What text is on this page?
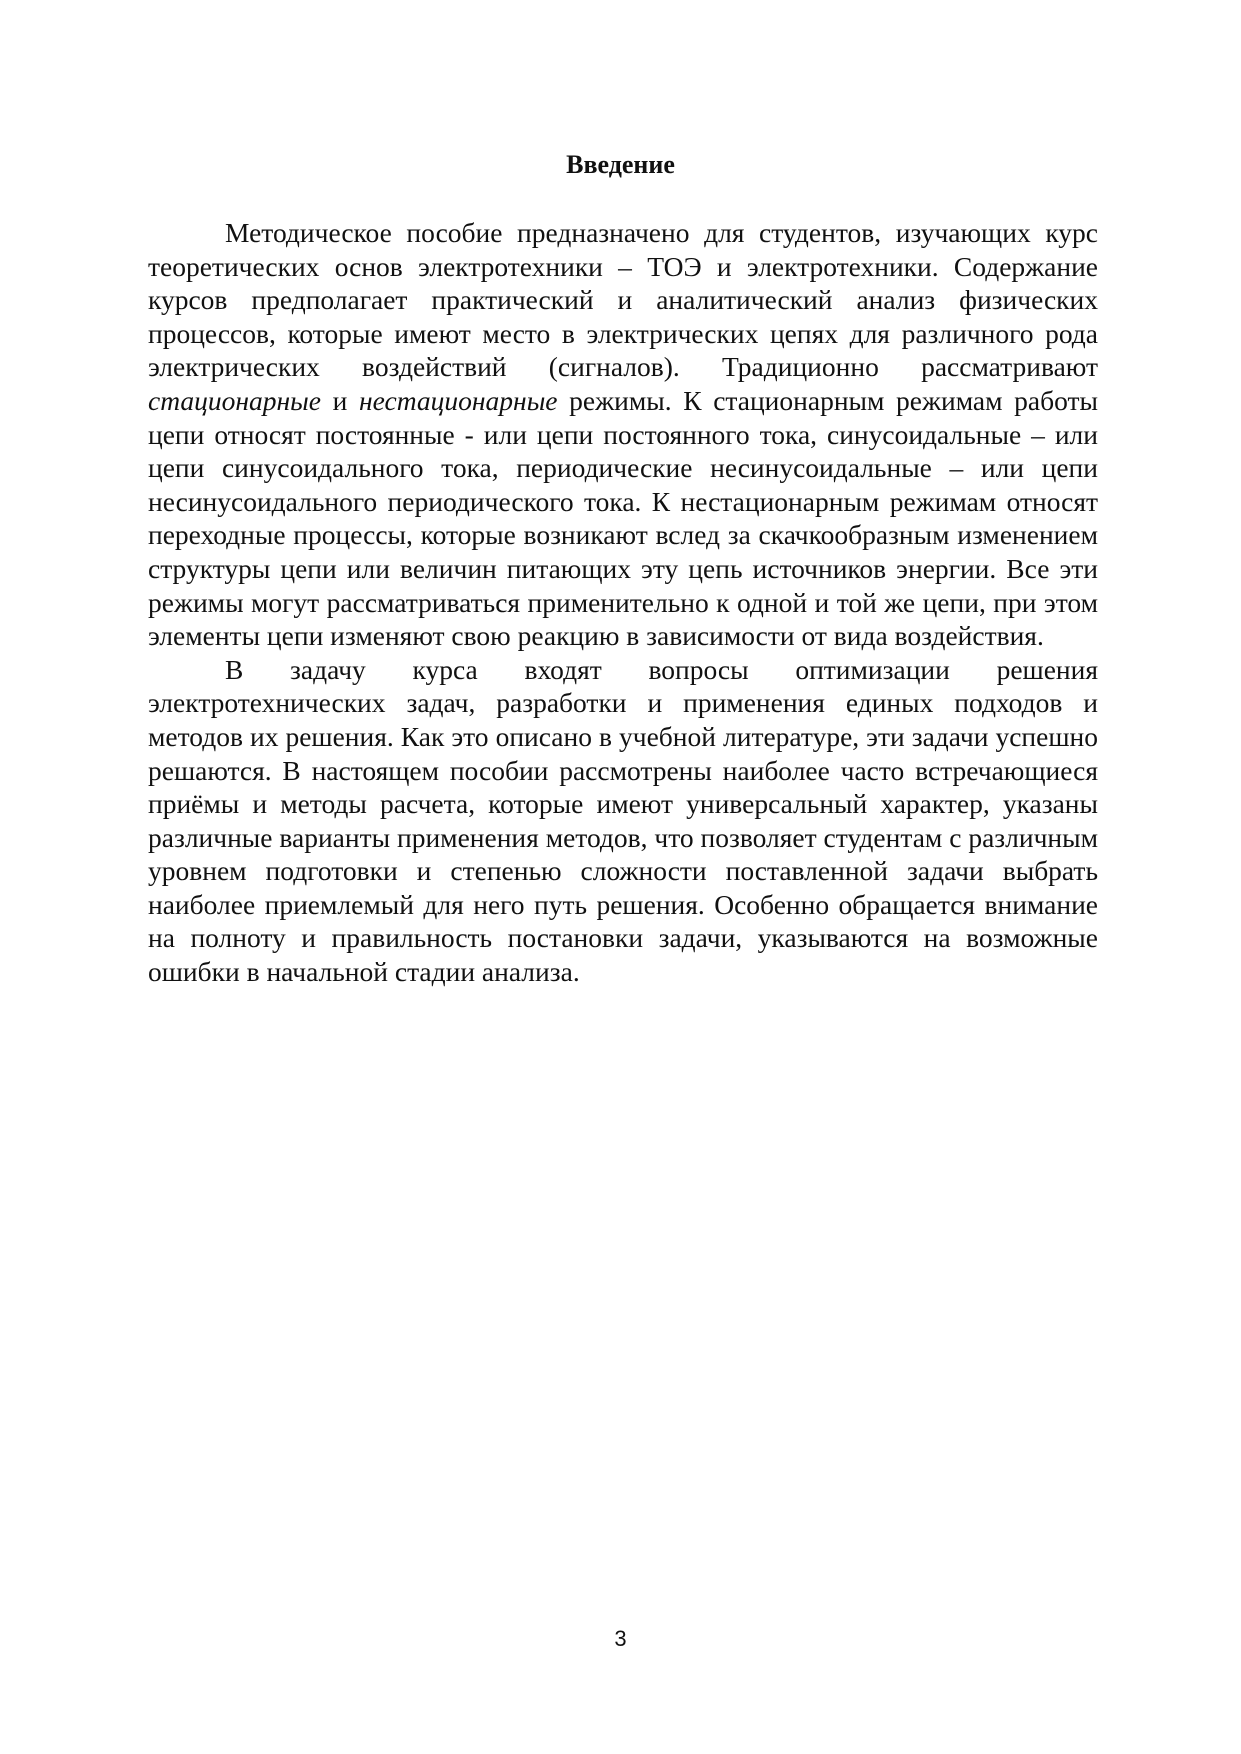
Введение

Методическое пособие предназначено для студентов, изучающих курс теоретических основ электротехники – ТОЭ и электротехники. Содержание курсов предполагает практический и аналитический анализ физических процессов, которые имеют место в электрических цепях для различного рода электрических воздействий (сигналов). Традиционно рассматривают стационарные и нестационарные режимы. К стационарным режимам работы цепи относят постоянные - или цепи постоянного тока, синусоидальные – или цепи синусоидального тока, периодические несинусоидальные – или цепи несинусоидального периодического тока. К нестационарным режимам относят переходные процессы, которые возникают вслед за скачкообразным изменением структуры цепи или величин питающих эту цепь источников энергии. Все эти режимы могут рассматриваться применительно к одной и той же цепи, при этом элементы цепи изменяют свою реакцию в зависимости от вида воздействия.

В задачу курса входят вопросы оптимизации решения электротехнических задач, разработки и применения единых подходов и методов их решения. Как это описано в учебной литературе, эти задачи успешно решаются. В настоящем пособии рассмотрены наиболее часто встречающиеся приёмы и методы расчета, которые имеют универсальный характер, указаны различные варианты применения методов, что позволяет студентам с различным уровнем подготовки и степенью сложности поставленной задачи выбрать наиболее приемлемый для него путь решения. Особенно обращается внимание на полноту и правильность постановки задачи, указываются на возможные ошибки в начальной стадии анализа.

3
